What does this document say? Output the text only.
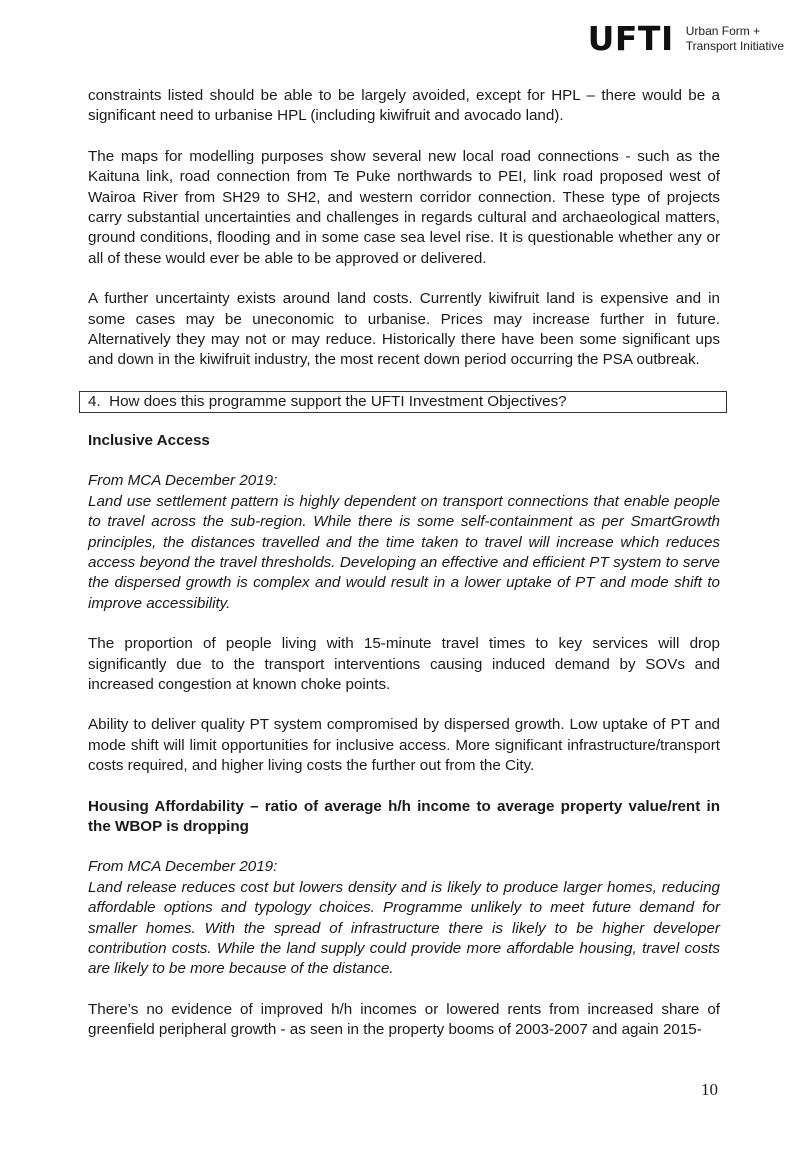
UFTI Urban Form +
Transport Initiative

constraints listed should be able to be largely avoided, except for HPL – there would be a significant need to urbanise HPL (including kiwifruit and avocado land).

The maps for modelling purposes show several new local road connections - such as the Kaituna link, road connection from Te Puke northwards to PEI, link road proposed west of Wairoa River from SH29 to SH2, and western corridor connection. These type of projects carry substantial uncertainties and challenges in regards cultural and archaeological matters, ground conditions, flooding and in some case sea level rise. It is questionable whether any or all of these would ever be able to be approved or delivered.

A further uncertainty exists around land costs. Currently kiwifruit land is expensive and in some cases may be uneconomic to urbanise. Prices may increase further in future. Alternatively they may not or may reduce. Historically there have been some significant ups and down in the kiwifruit industry, the most recent down period occurring the PSA outbreak.

4. How does this programme support the UFTI Investment Objectives?
Inclusive Access

From MCA December 2019:

Land use settlement pattern is highly dependent on transport connections that enable people to travel across the sub-region. While there is some self-containment as per SmartGrowth principles, the distances travelled and the time taken to travel will increase which reduces access beyond the travel thresholds. Developing an effective and efficient PT system to serve the dispersed growth is complex and would result in a lower uptake of PT and mode shift to improve accessibility.

The proportion of people living with 15-minute travel times to key services will drop significantly due to the transport interventions causing induced demand by SOVs and increased congestion at known choke points.

Ability to deliver quality PT system compromised by dispersed growth. Low uptake of PT and mode shift will limit opportunities for inclusive access. More significant infrastructure/transport costs required, and higher living costs the further out from the City.

Housing Affordability – ratio of average h/h income to average property value/rent in the WBOP is dropping

From MCA December 2019:

Land release reduces cost but lowers density and is likely to produce larger homes, reducing affordable options and typology choices. Programme unlikely to meet future demand for smaller homes. With the spread of infrastructure there is likely to be higher developer contribution costs. While the land supply could provide more affordable housing, travel costs are likely to be more because of the distance.

There’s no evidence of improved h/h incomes or lowered rents from increased share of greenfield peripheral growth - as seen in the property booms of 2003-2007 and again 2015-

10
